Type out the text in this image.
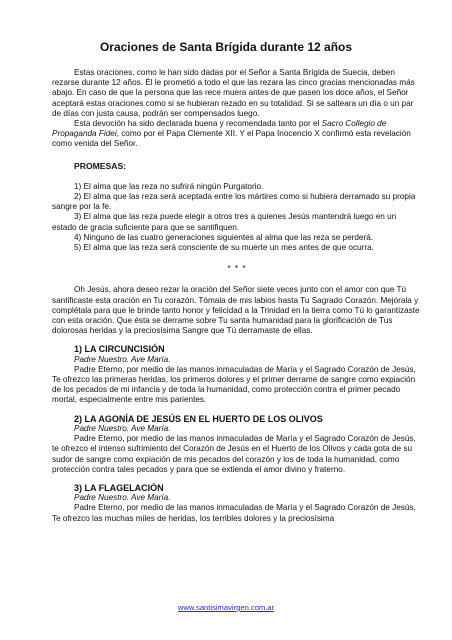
Oraciones de Santa Brígida durante 12 años

Estas oraciones, como le han sido dadas por el Señor a Santa Brígida de Suecia, deben rezarse durante 12 años. Él le prometió a todo el que las rezara las cinco gracias mencionadas más abajo. En caso de que la persona que las rece muera antes de que pasen los doce años, el Señor aceptará estas oraciones como si se hubieran rezado en su totalidad. Si se salteara un día o un par de días con justa causa, podrán ser compensados luego.

Esta devoción ha sido declarada buena y recomendada tanto por el Sacro Collegio de Propaganda Fidei, como por el Papa Clemente XII. Y el Papa Inocencio X confirmó esta revelación como venida del Señor.

PROMESAS:

1) El alma que las reza no sufrirá ningún Purgatorio.

2) El alma que las reza será aceptada entre los mártires como si hubiera derramado su propia sangre por la fe.

3) El alma que las reza puede elegir a otros tres a quienes Jesús mantendrá luego en un estado de gracia suficiente para que se santifiquen.

4) Ninguno de las cuatro generaciones siguientes al alma que las reza se perderá.

5) El alma que las reza será consciente de su muerte un mes antes de que ocurra.

* * *

Oh Jesús, ahora deseo rezar la oración del Señor siete veces junto con el amor con que Tú santificaste esta oración en Tu corazón. Tómala de mis labios hasta Tu Sagrado Corazón. Mejórala y complétala para que le brinde tanto honor y felicidad a la Trinidad en la tierra como Tú lo garantizaste con esta oración. Que ésta se derrame sobre Tu santa humanidad para la glorificación de Tus dolorosas heridas y la preciosísima Sangre que Tú derramaste de ellas.

1) LA CIRCUNCISIÓN
Padre Nuestro. Ave María.

Padre Eterno, por medio de las manos inmaculadas de María y el Sagrado Corazón de Jesús, Te ofrezco las primeras heridas, los primeros dolores y el primer derrame de sangre como expiación de los pecados de mi infancia y de toda la humanidad, como protección contra el primer pecado mortal, especialmente entre mis parientes.

2) LA AGONÍA DE JESÚS EN EL HUERTO DE LOS OLIVOS
Padre Nuestro. Ave María.

Padre Eterno, por medio de las manos inmaculadas de María y el Sagrado Corazón de Jesús, te ofrezco el intenso sufrimiento del Corazón de Jesús en el Huerto de los Olivos y cada gota de su sudor de sangre como expiación de mis pecados del corazón y los de toda la humanidad, como protección contra tales pecados y para que se extienda el amor divino y fraterno.

3) LA FLAGELACIÓN
Padre Nuestro. Ave María.

Padre Eterno, por medio de las manos inmaculadas de María y el Sagrado Corazón de Jesús, Te ofrezco las muchas miles de heridas, los terribles dolores y la preciosísima

www.santisimavirgen.com.ar
